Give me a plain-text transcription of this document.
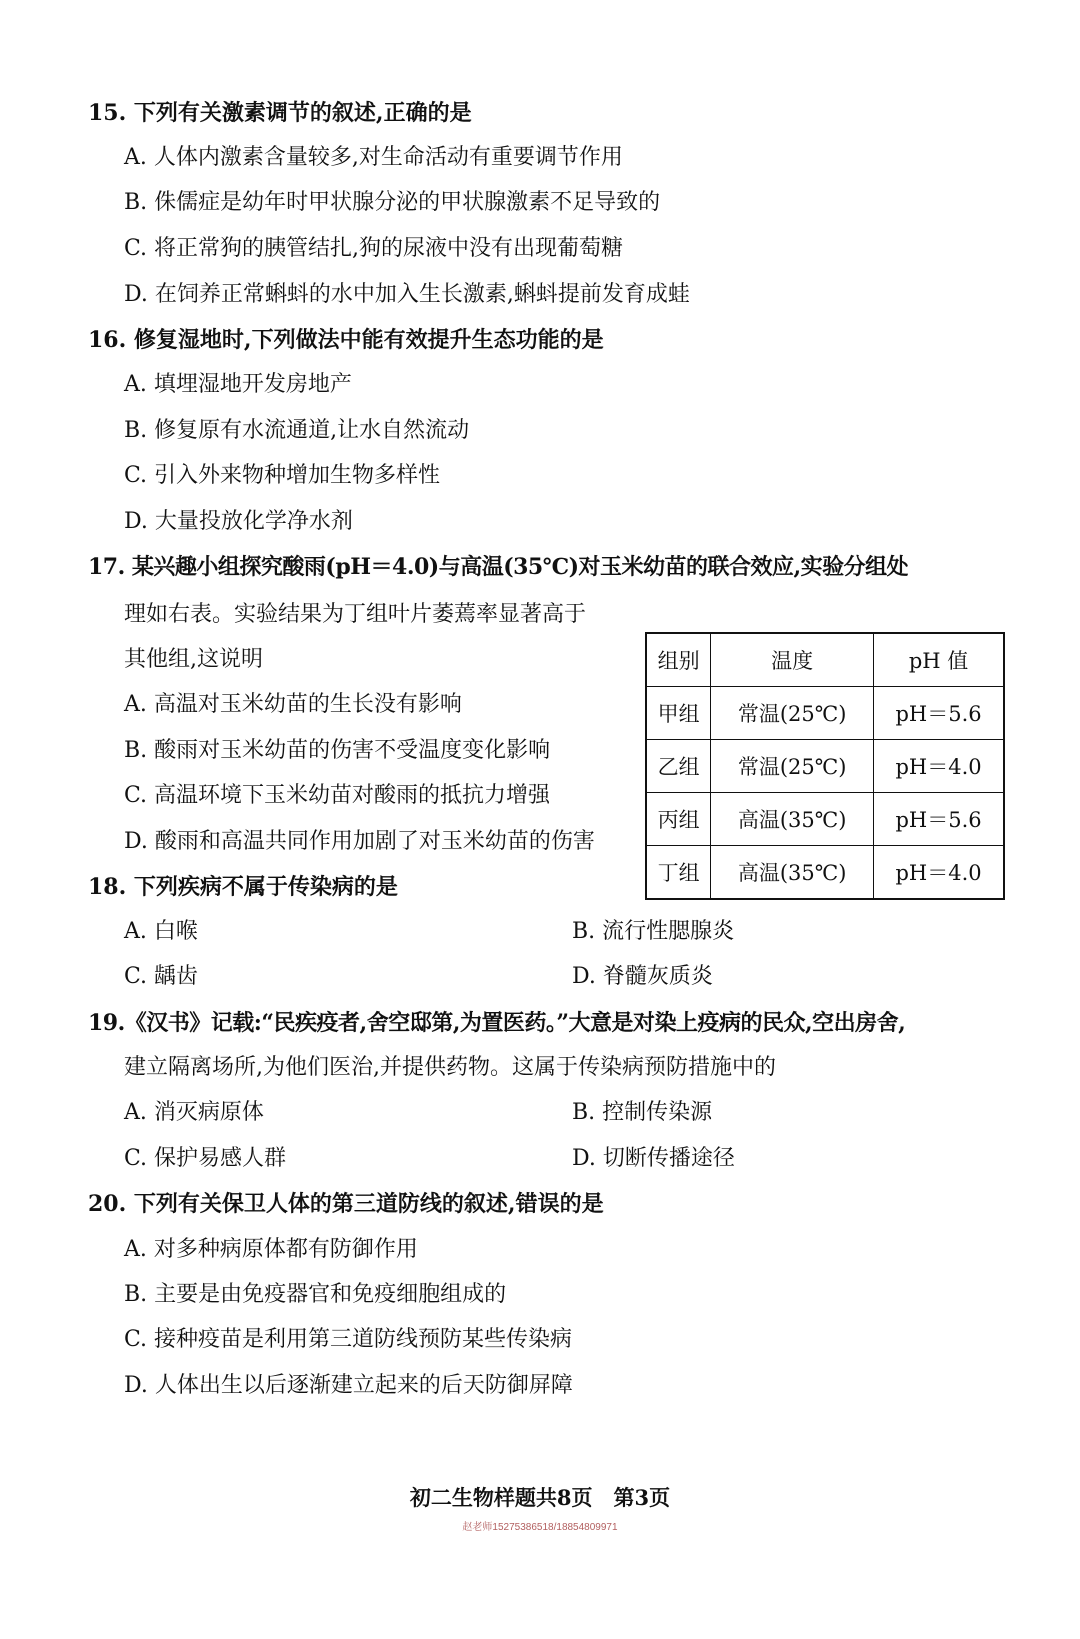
15. 下列有关激素调节的叙述,正确的是
A. 人体内激素含量较多,对生命活动有重要调节作用
B. 侏儒症是幼年时甲状腺分泌的甲状腺激素不足导致的
C. 将正常狗的胰管结扎,狗的尿液中没有出现葡萄糖
D. 在饲养正常蝌蚪的水中加入生长激素,蝌蚪提前发育成蛙
16. 修复湿地时,下列做法中能有效提升生态功能的是
A. 填埋湿地开发房地产
B. 修复原有水流通道,让水自然流动
C. 引入外来物种增加生物多样性
D. 大量投放化学净水剂
17. 某兴趣小组探究酸雨(pH＝4.0)与高温(35℃)对玉米幼苗的联合效应,实验分组处
理如右表。实验结果为丁组叶片萎蔫率显著高于
其他组,这说明
A. 高温对玉米幼苗的生长没有影响
B. 酸雨对玉米幼苗的伤害不受温度变化影响
C. 高温环境下玉米幼苗对酸雨的抵抗力增强
D. 酸雨和高温共同作用加剧了对玉米幼苗的伤害
组别	温度	pH 值
甲组	常温(25℃)	pH＝5.6
乙组	常温(25℃)	pH＝4.0
丙组	高温(35℃)	pH＝5.6
丁组	高温(35℃)	pH＝4.0
18. 下列疾病不属于传染病的是
A. 白喉	B. 流行性腮腺炎
C. 龋齿	D. 脊髓灰质炎
19.《汉书》记载:“民疾疫者,舍空邸第,为置医药。”大意是对染上疫病的民众,空出房舍,
建立隔离场所,为他们医治,并提供药物。这属于传染病预防措施中的
A. 消灭病原体	B. 控制传染源
C. 保护易感人群	D. 切断传播途径
20. 下列有关保卫人体的第三道防线的叙述,错误的是
A. 对多种病原体都有防御作用
B. 主要是由免疫器官和免疫细胞组成的
C. 接种疫苗是利用第三道防线预防某些传染病
D. 人体出生以后逐渐建立起来的后天防御屏障
初二生物样题共8页　第3页
赵老师15275386518/18854809971
